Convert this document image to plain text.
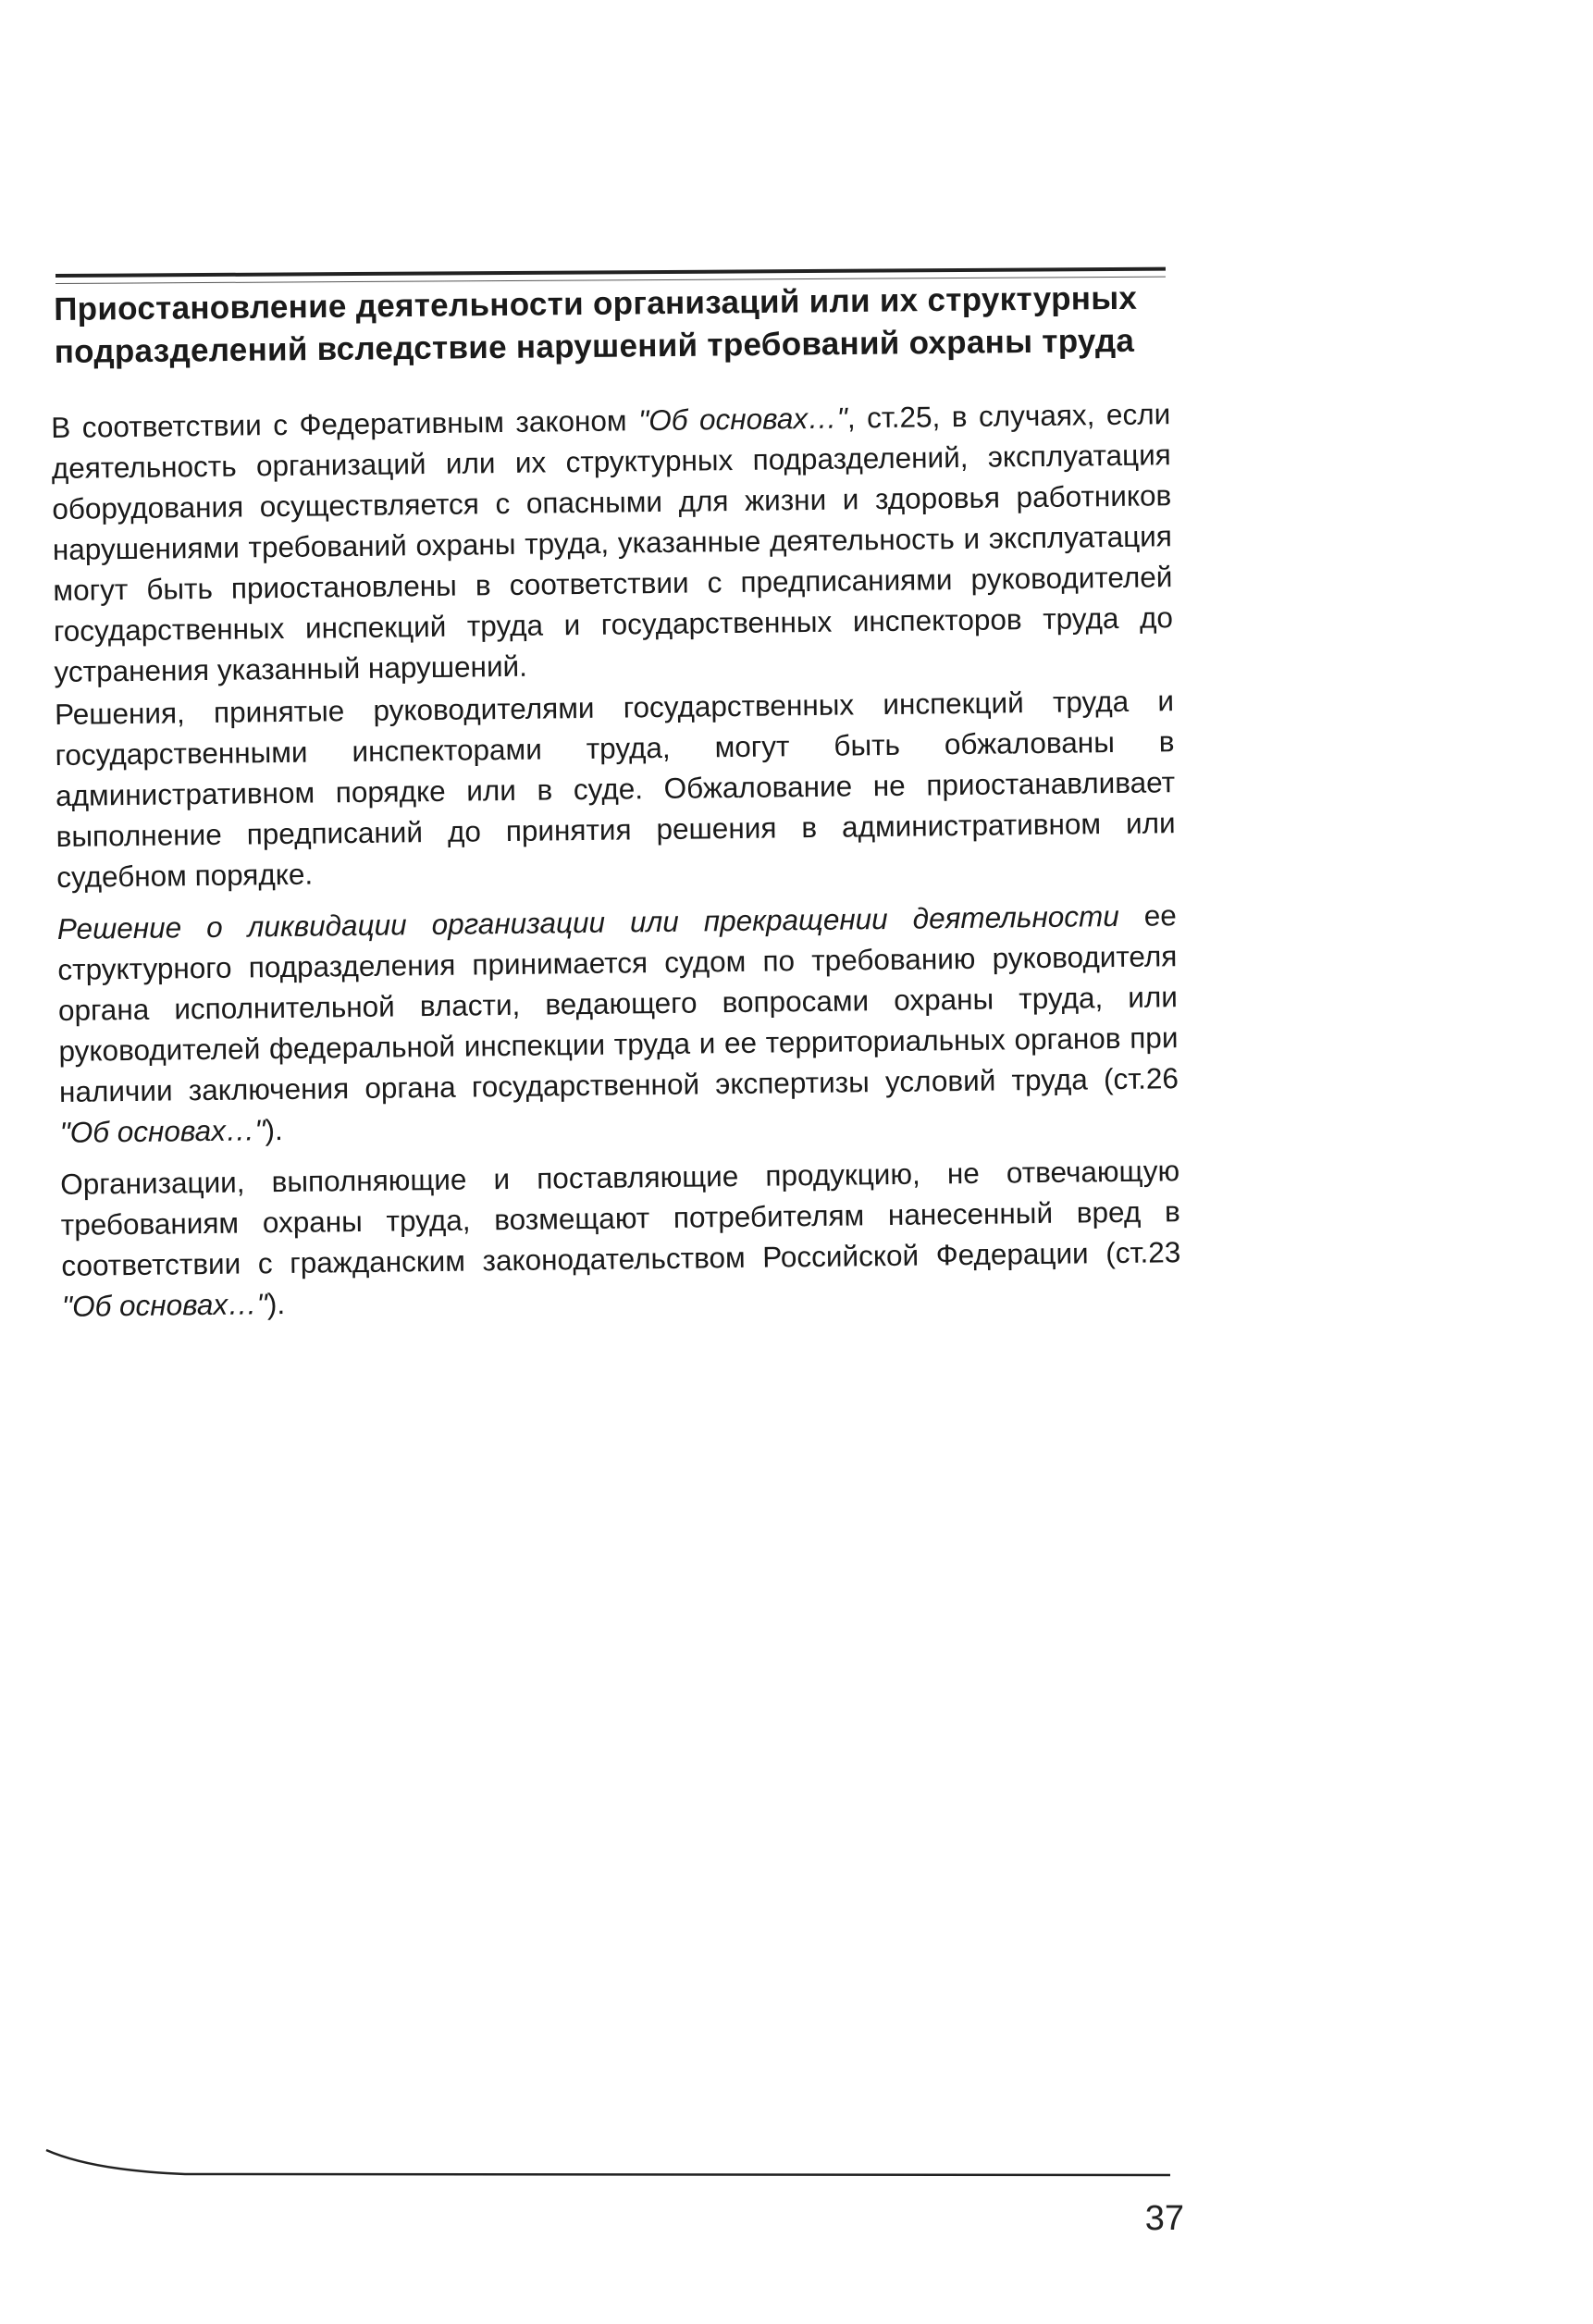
Приостановление деятельности организаций или их структурных
подразделений вследствие нарушений требований охраны труда

В соответствии с Федеративным законом "Об основах…", ст.25, в случаях, если деятельность организаций или их структурных подразделений, эксплуатация оборудования осуществляется с опасными для жизни и здоровья работников нарушениями требований охраны труда, указанные деятельность и эксплуатация могут быть приостановлены в соответствии с предписаниями руководителей государственных инспекций труда и государственных инспекторов труда до устранения указанный нарушений.

Решения, принятые руководителями государственных инспекций труда и государственными инспекторами труда, могут быть обжалованы в административном порядке или в суде. Обжалование не приостанавливает выполнение предписаний до принятия решения в административном или судебном порядке.

Решение о ликвидации организации или прекращении деятельности ее структурного подразделения принимается судом по требованию руководителя органа исполнительной власти, ведающего вопросами охраны труда, или руководителей федеральной инспекции труда и ее территориальных органов при наличии заключения органа государственной экспертизы условий труда (ст.26 "Об основах…").

Организации, выполняющие и поставляющие продукцию, не отвечающую требованиям охраны труда, возмещают потребителям нанесенный вред в соответствии с гражданским законодательством Российской Федерации (ст.23 "Об основах…").

37
